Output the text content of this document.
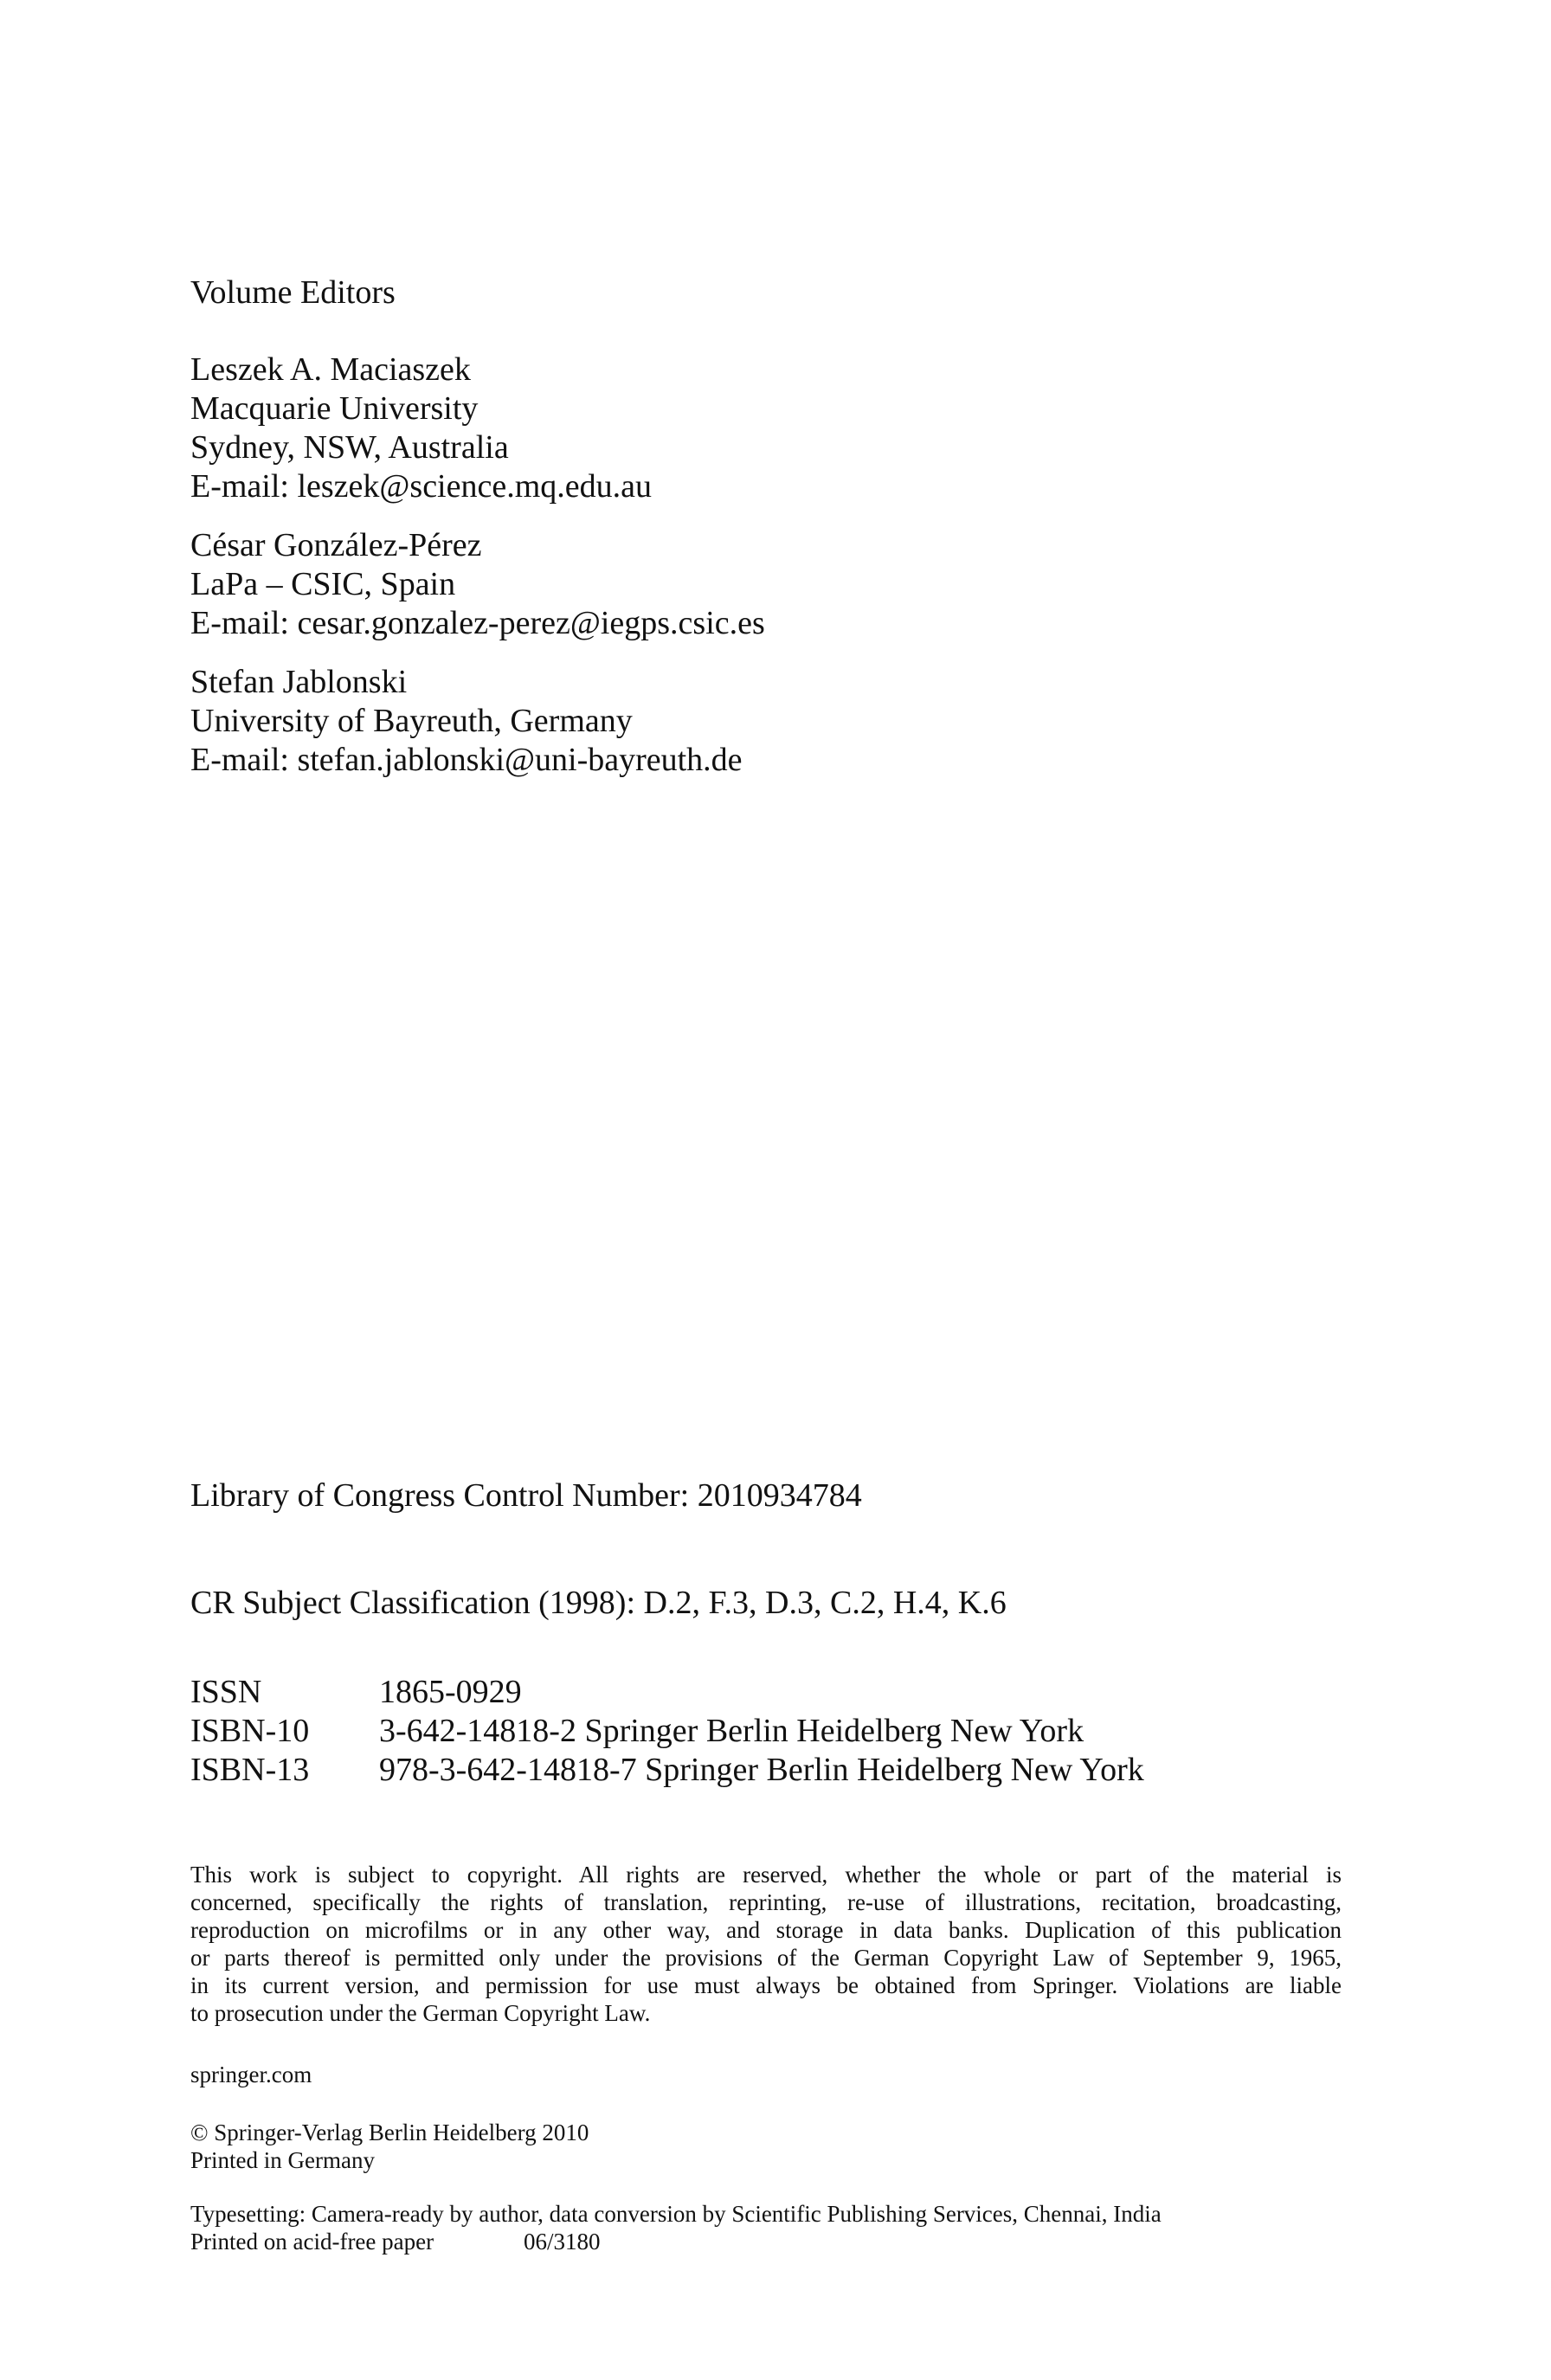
Volume Editors
Leszek A. Maciaszek
Macquarie University
Sydney, NSW, Australia
E-mail: leszek@science.mq.edu.au
César González-Pérez
LaPa – CSIC, Spain
E-mail: cesar.gonzalez-perez@iegps.csic.es
Stefan Jablonski
University of Bayreuth, Germany
E-mail: stefan.jablonski@uni-bayreuth.de
Library of Congress Control Number: 2010934784
CR Subject Classification (1998): D.2, F.3, D.3, C.2, H.4, K.6
ISSN	1865-0929
ISBN-10	3-642-14818-2 Springer Berlin Heidelberg New York
ISBN-13	978-3-642-14818-7 Springer Berlin Heidelberg New York
This work is subject to copyright. All rights are reserved, whether the whole or part of the material is
concerned, specifically the rights of translation, reprinting, re-use of illustrations, recitation, broadcasting,
reproduction on microfilms or in any other way, and storage in data banks. Duplication of this publication
or parts thereof is permitted only under the provisions of the German Copyright Law of September 9, 1965,
in its current version, and permission for use must always be obtained from Springer. Violations are liable
to prosecution under the German Copyright Law.
springer.com
© Springer-Verlag Berlin Heidelberg 2010
Printed in Germany
Typesetting: Camera-ready by author, data conversion by Scientific Publishing Services, Chennai, India
Printed on acid-free paper	06/3180
